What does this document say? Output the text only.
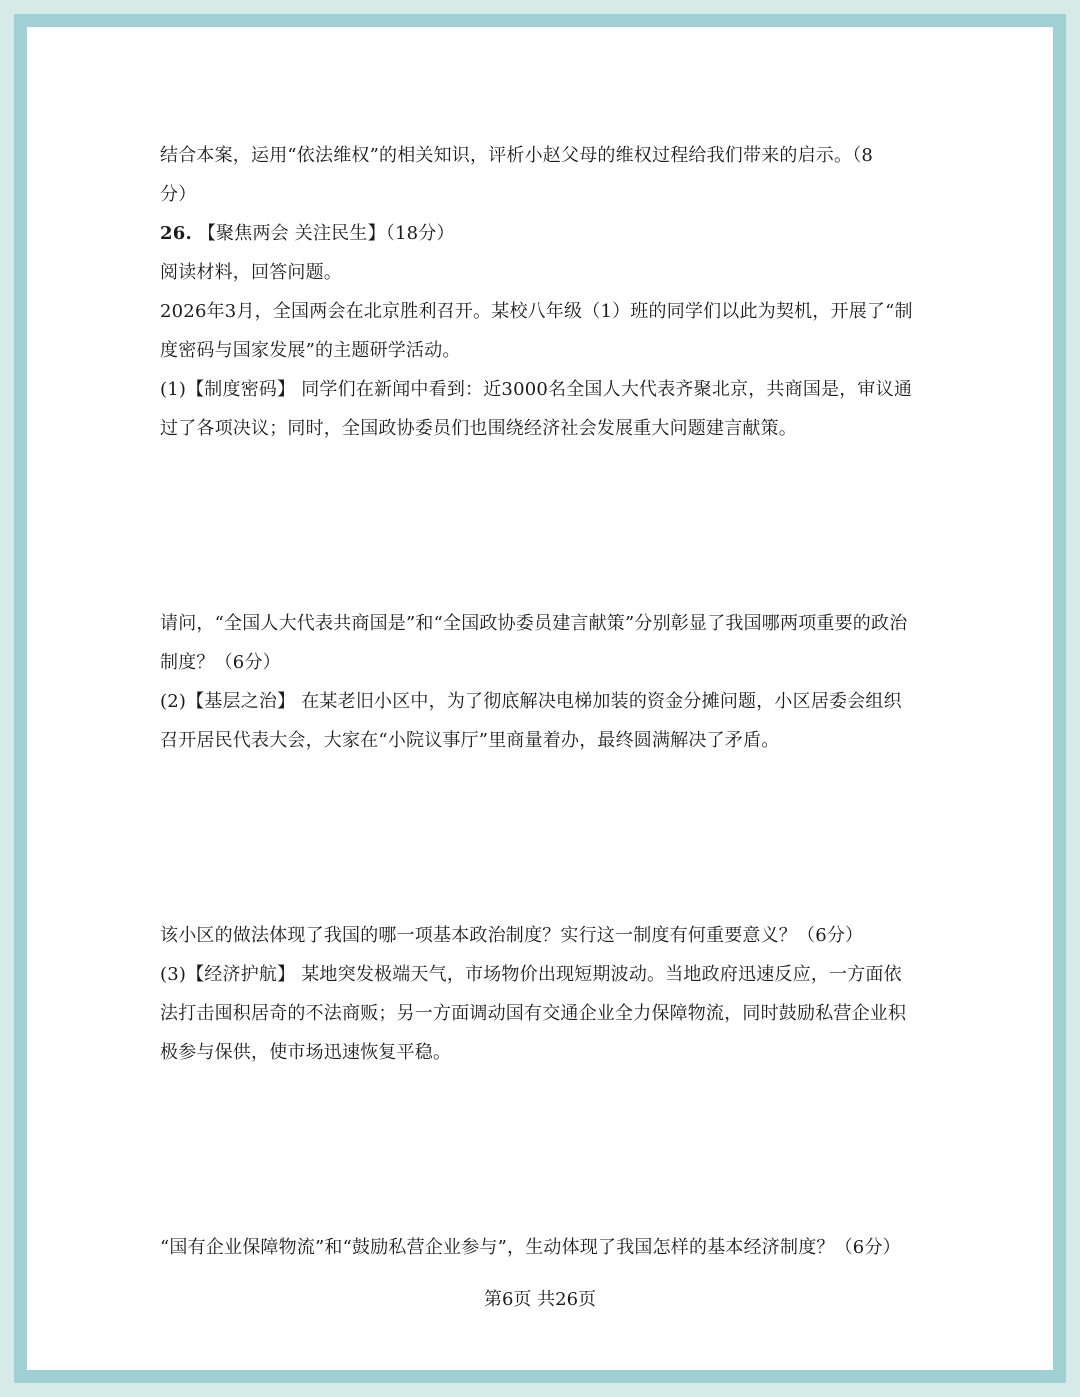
结合本案，运用“依法维权”的相关知识，评析小赵父母的维权过程给我们带来的启示。（8
分）
26. 【聚焦两会 关注民生】（18分）
阅读材料，回答问题。
2026年3月，全国两会在北京胜利召开。某校八年级（1）班的同学们以此为契机，开展了“制
度密码与国家发展”的主题研学活动。
(1)【制度密码】 同学们在新闻中看到：近3000名全国人大代表齐聚北京，共商国是，审议通
过了各项决议；同时，全国政协委员们也围绕经济社会发展重大问题建言献策。
请问，“全国人大代表共商国是”和“全国政协委员建言献策”分别彰显了我国哪两项重要的政治
制度？（6分）
(2)【基层之治】 在某老旧小区中，为了彻底解决电梯加装的资金分摊问题，小区居委会组织
召开居民代表大会，大家在“小院议事厅”里商量着办，最终圆满解决了矛盾。
该小区的做法体现了我国的哪一项基本政治制度？实行这一制度有何重要意义？（6分）
(3)【经济护航】 某地突发极端天气，市场物价出现短期波动。当地政府迅速反应，一方面依
法打击囤积居奇的不法商贩；另一方面调动国有交通企业全力保障物流，同时鼓励私营企业积
极参与保供，使市场迅速恢复平稳。
“国有企业保障物流”和“鼓励私营企业参与”，生动体现了我国怎样的基本经济制度？（6分）
第6页 共26页
